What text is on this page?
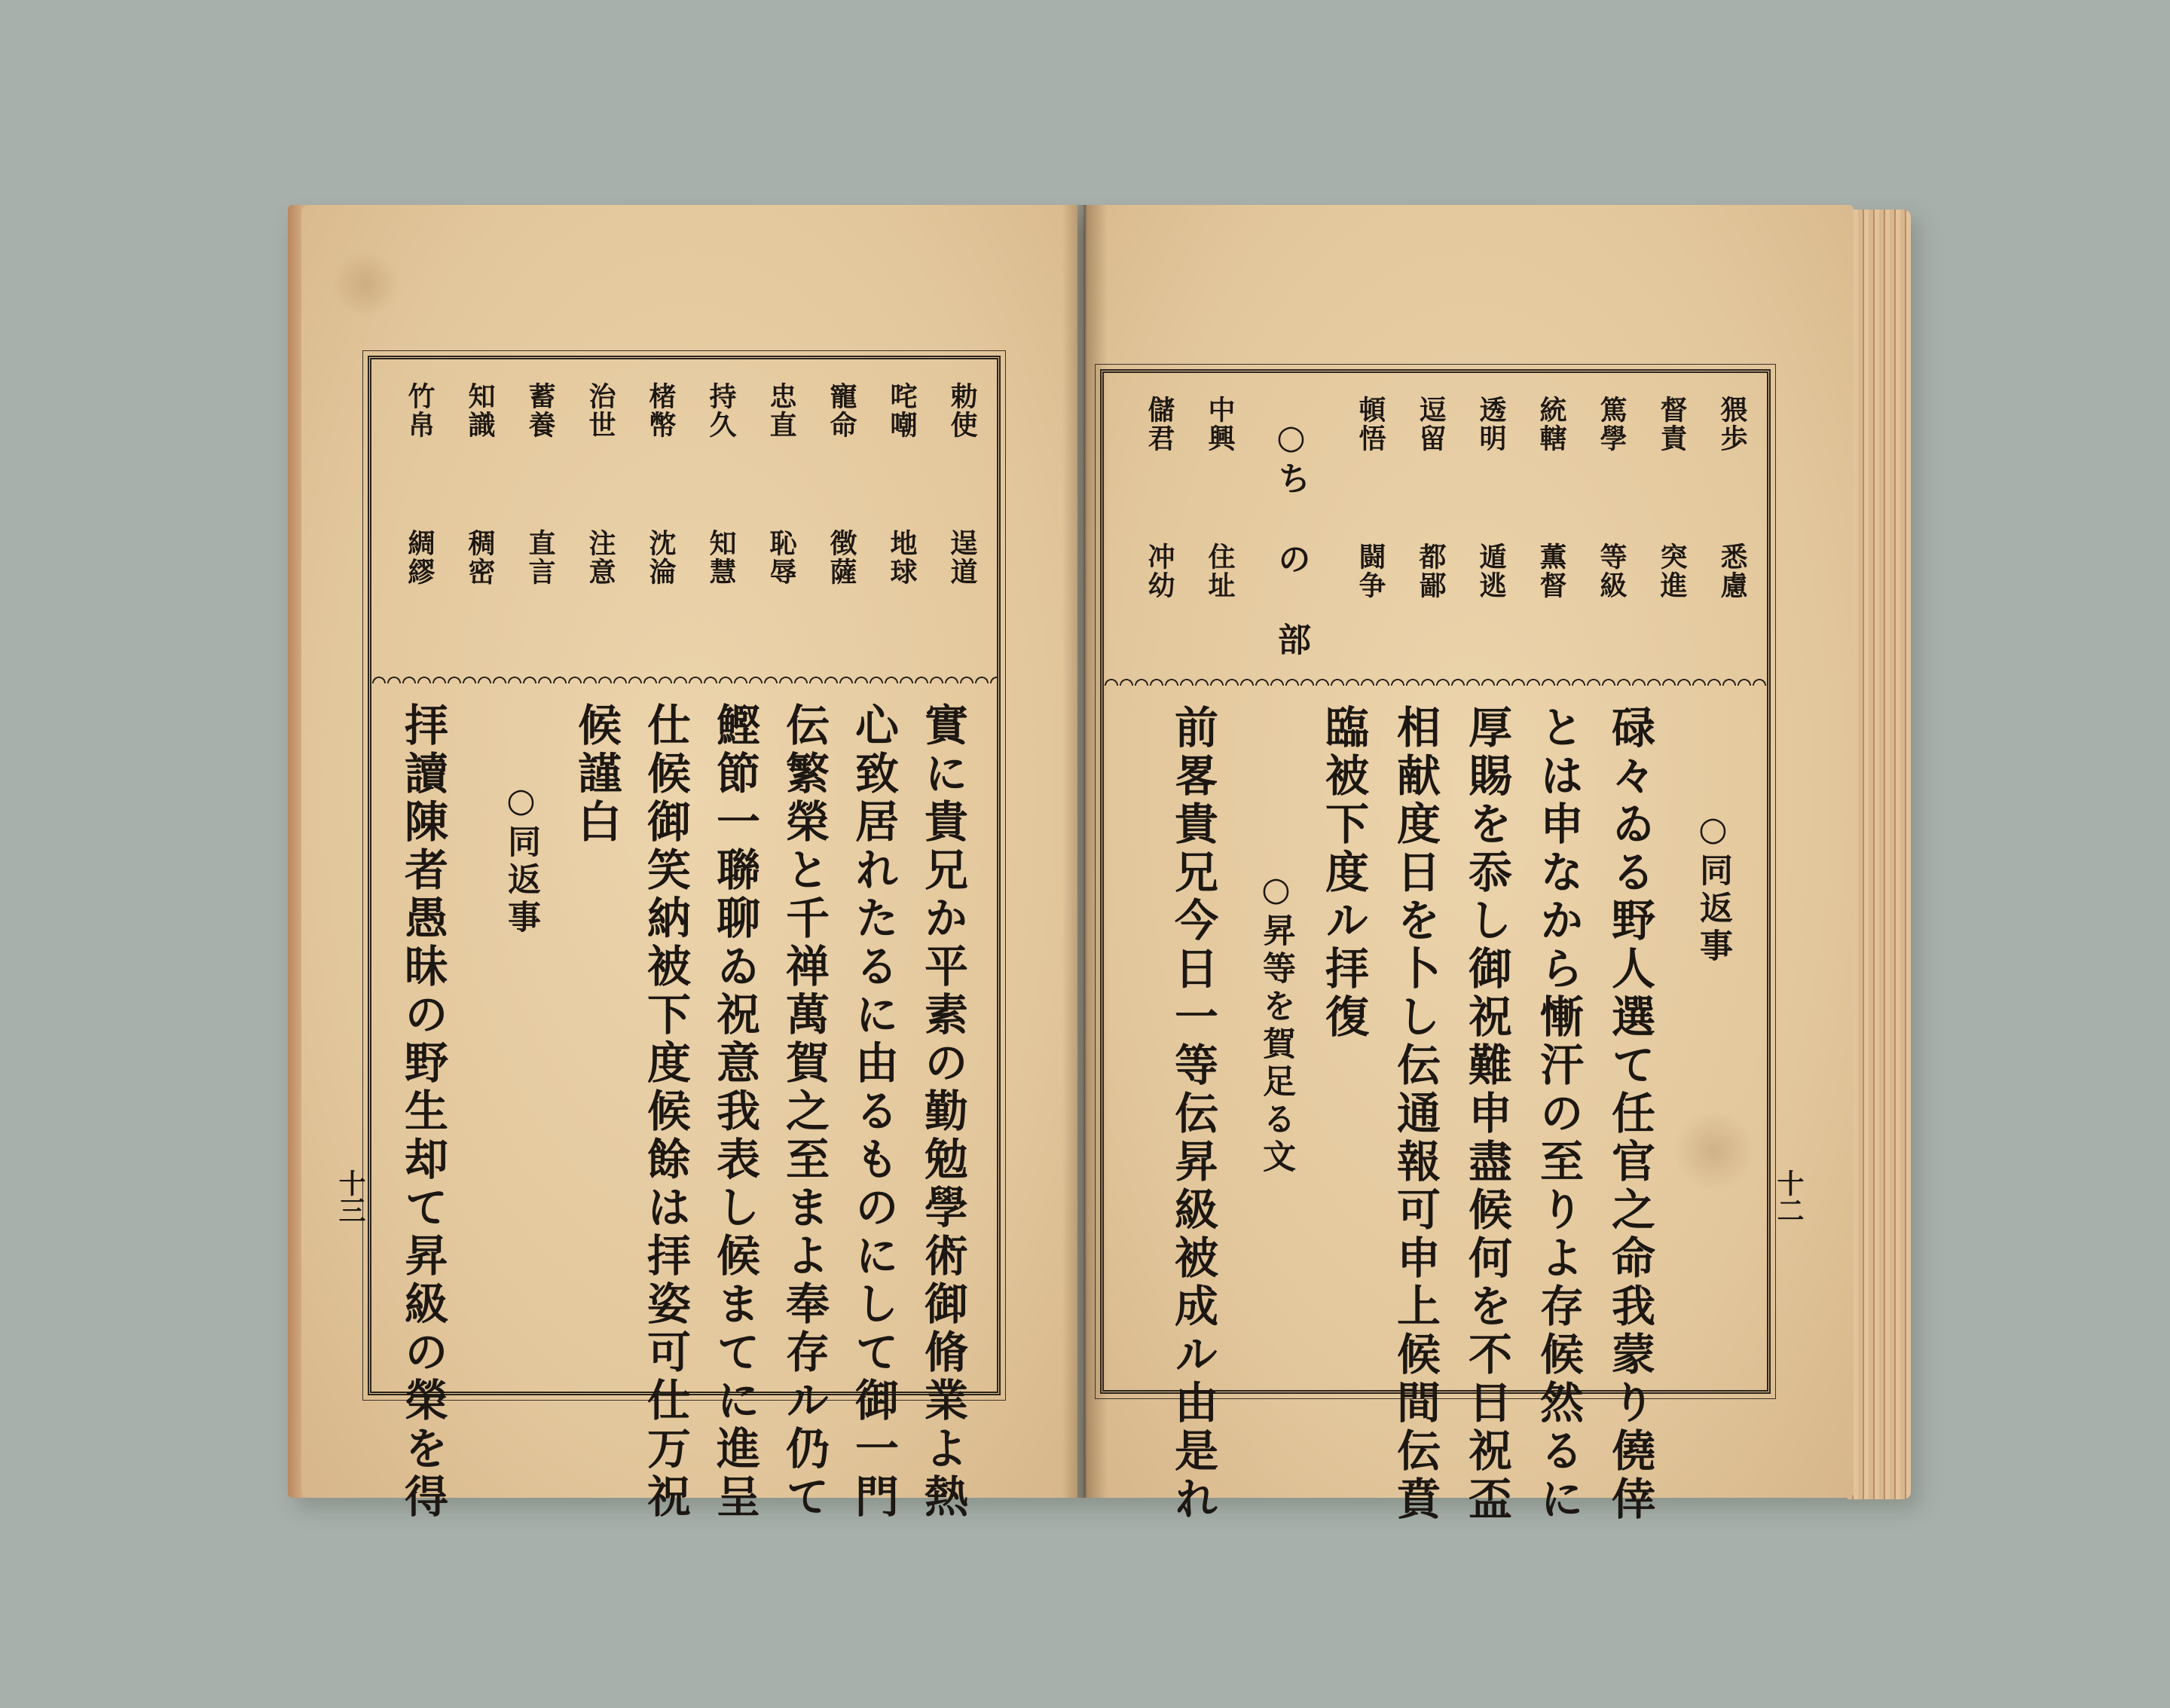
勅使
逞道
咤嘲
地球
寵命
徴薩
忠直
恥辱
持久
知慧
楮幣
沈淪
治世
注意
蓄養
直言
知識
稠密
竹帛
綢繆
實に貴兄か平素の勤勉學術御脩業よ熱
心致居れたるに由るものにして御一門
伝繁榮と千禅萬賀之至まよ奉存ル仍て
鰹節一聯聊ゐ祝意我表し候まてに進呈
仕候御笑納被下度候餘は拝姿可仕万祝
候謹白
○同返事
拝讀陳者愚昧の野生却て昇級の榮を得
十三
猥歩
悉慮
督責
突進
篤學
等級
統轄
薫督
透明
遁逃
逗留
都鄙
頓悟
闘争
○ち の 部
中興
住址
儲君
冲幼
○同返事
碌々ゐる野人選て任官之命我蒙り僥倖
とは申なから慚汗の至りよ存候然るに
厚賜を忝し御祝難申盡候何を不日祝盃
相献度日を卜し伝通報可申上候間伝賁
臨被下度ル拝復
○昇等を賀足る文
前畧貴兄今日一等伝昇級被成ル由是れ	十二
